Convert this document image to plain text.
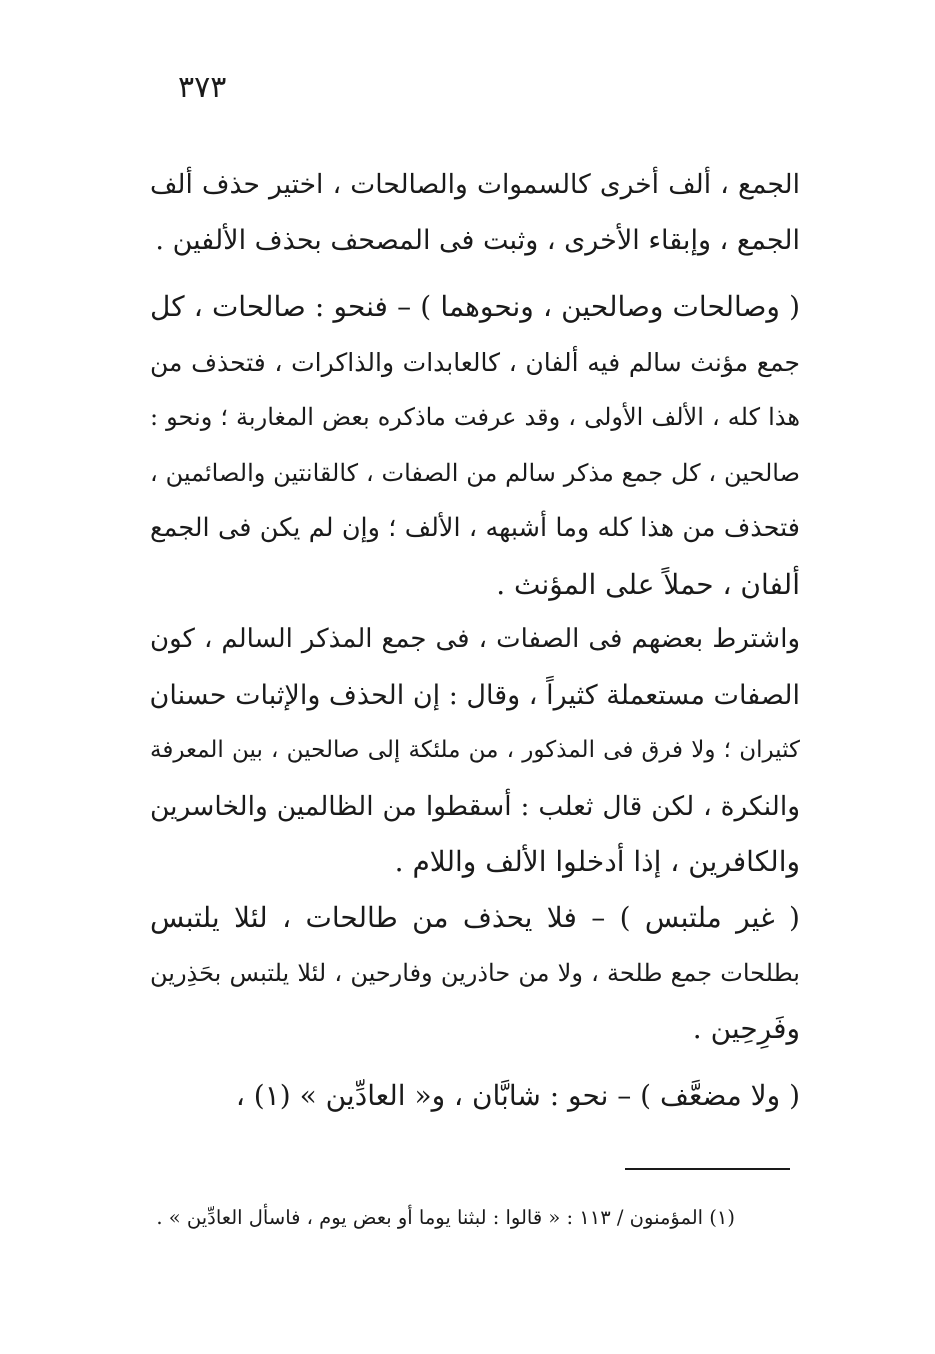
٣٧٣
الجمع ، ألف أخرى كالسموات والصالحات ، اختير حذف ألف
الجمع ، وإبقاء الأخرى ، وثبت فى المصحف بحذف الألفين .
( وصالحات وصالحين ، ونحوهما ) – فنحو : صالحات ، كل
جمع مؤنث سالم فيه ألفان ، كالعابدات والذاكرات ، فتحذف من
هذا كله ، الألف الأولى ، وقد عرفت ماذكره بعض المغاربة ؛ ونحو :
صالحين ، كل جمع مذكر سالم من الصفات ، كالقانتين والصائمين ،
فتحذف من هذا كله وما أشبهه ، الألف ؛ وإن لم يكن فى الجمع
ألفان ، حملاً على المؤنث .
واشترط بعضهم فى الصفات ، فى جمع المذكر السالم ، كون
الصفات مستعملة كثيراً ، وقال : إن الحذف والإثبات حسنان
كثيران ؛ ولا فرق فى المذكور ، من ملئكة إلى صالحين ، بين المعرفة
والنكرة ، لكن قال ثعلب : أسقطوا من الظالمين والخاسرين
والكافرين ، إذا أدخلوا الألف واللام .
( غير ملتبس ) – فلا يحذف من طالحات ، لئلا يلتبس
بطلحات جمع طلحة ، ولا من حاذرين وفارحين ، لئلا يلتبس بحَذِرين
وفَرِحِين .
( ولا مضعَّف ) – نحو : شابَّان ، و« العادِّين » (١) ،
(١) المؤمنون / ١١٣ : « قالوا : لبثنا يوما أو بعض يوم ، فاسأل العادِّين » .
